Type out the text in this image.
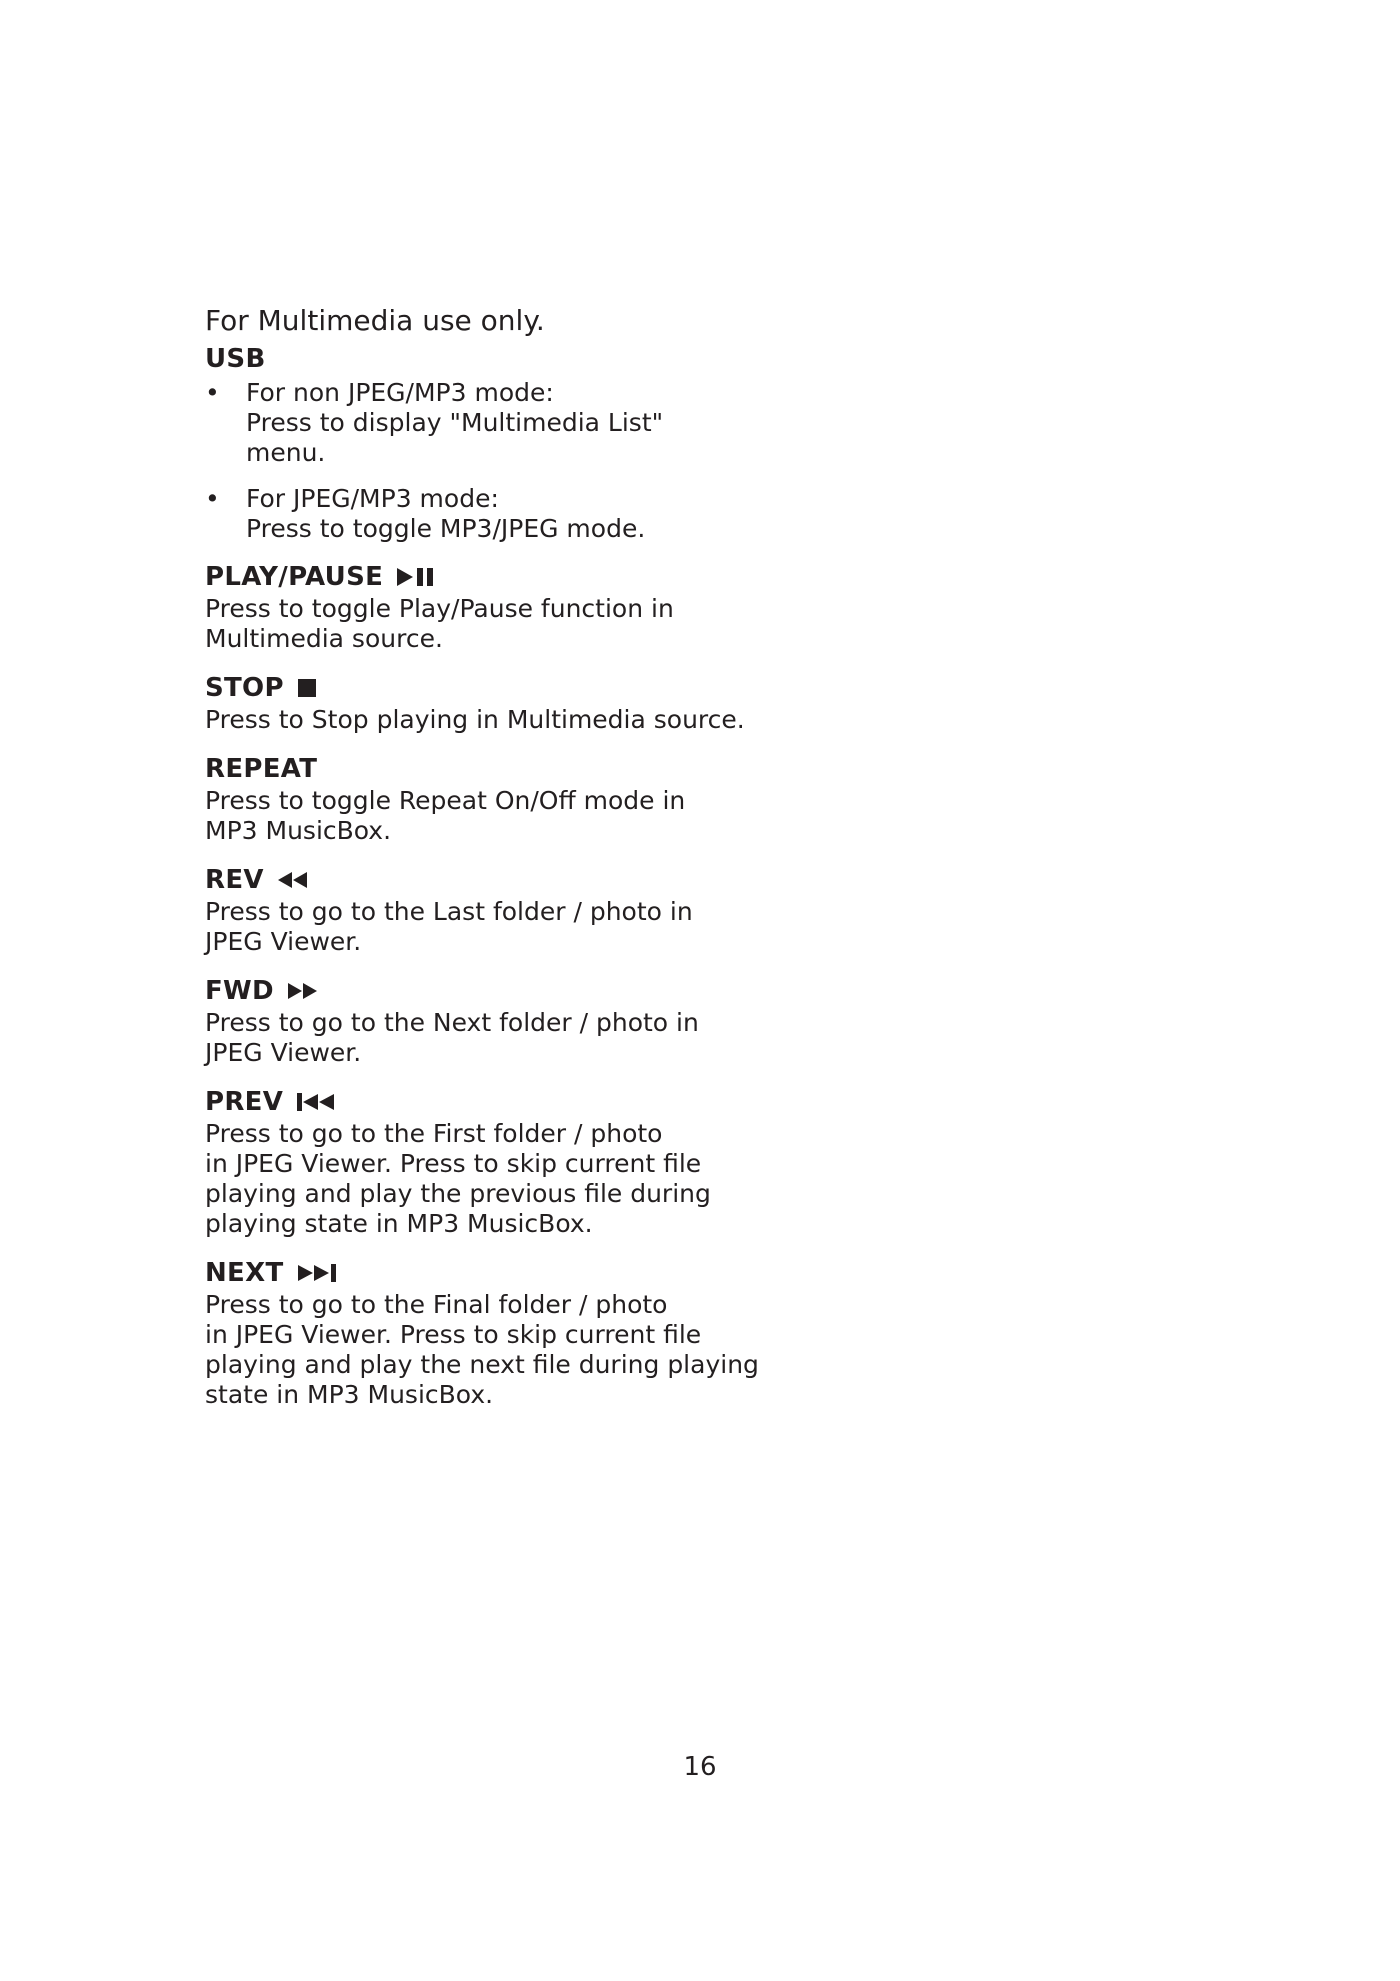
For Multimedia use only.

USB

• For non JPEG/MP3 mode:
Press to display "Multimedia List"
menu.
• For JPEG/MP3 mode:
Press to toggle MP3/JPEG mode.

PLAY/PAUSE

Press to toggle Play/Pause function in

Multimedia source.

STOP

Press to Stop playing in Multimedia source.

REPEAT

Press to toggle Repeat On/Off mode in

MP3 MusicBox.

REV

Press to go to the Last folder / photo in

JPEG Viewer.

FWD

Press to go to the Next folder / photo in

JPEG Viewer.

PREV

Press to go to the First folder / photo

in JPEG Viewer. Press to skip current file

playing and play the previous file during

playing state in MP3 MusicBox.

NEXT

Press to go to the Final folder / photo

in JPEG Viewer. Press to skip current file

playing and play the next file during playing

state in MP3 MusicBox.

16
